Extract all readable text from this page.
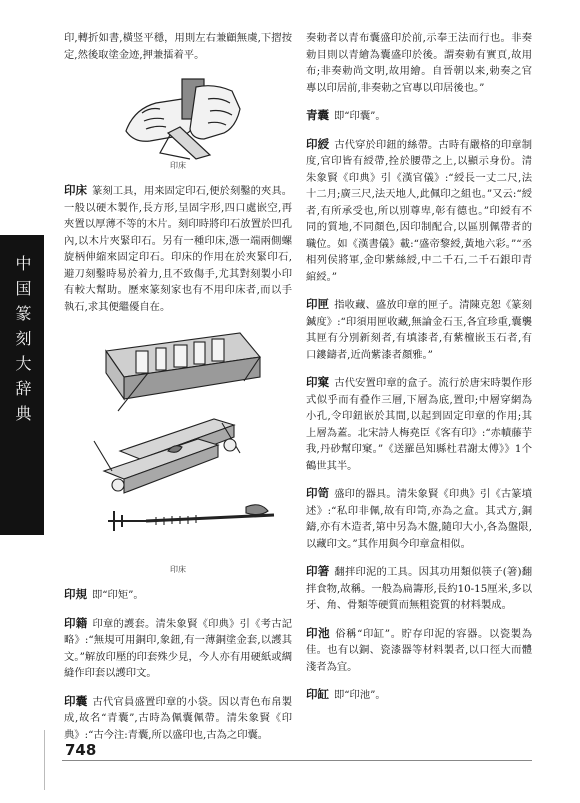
中国篆刻大辞典

印,轉折如書,橫竖平穩，用則左右兼顧無虞,下摺按定,然後取塗金迹,押兼擂着平。

印床

印床 篆刻工具，用来固定印石,便於刻鑿的夾具。一般以硬木製作,長方形,呈固字形,四口處嵌空,再夾置以厚薄不等的木片。刻印時將印石放置於凹孔內,以木片夾緊印石。另有一種印床,憑一端兩側螺旋柄伸縮來固定印石。印床的作用在於夾緊印石,避刀刻鑿時易於着力,且不致傷手,尤其對刻製小印有較大幫助。歷來篆刻家也有不用印床者,而以手執石,求其便繼優自在。

印床

印規 即“印矩”。

印籍 印章的護套。清朱象賢《印典》引《考古記略》:“無規可用銅印,象鈕,有一薄銅塗金套,以護其文。”解放印壓的印套殊少見，今人亦有用硬紙或綢縫作印套以護印文。

印囊 古代官員盛置印章的小袋。因以青色布帛製成,故名“青囊”,古時為佩囊佩帶。清朱象賢《印典》:“古今注:青囊,所以盛印也,古為之印囊。

奏勅者以青布囊盛印於前,示奉王法而行也。非奏勅目則以青繪為囊盛印於後。謂奏勅有實頁,故用布;非奏勅尚文明,故用繪。自晉朝以来,勅奏之官專以印居前,非奏勅之官專以印居後也。”

青囊 即“印囊”。

印綬 古代穿於印鈕的絲帶。古時有嚴格的印章制度,官印皆有綬帶,拴於腰帶之上,以顯示身份。清朱象賢《印典》引《漢官儀》:“綬長一丈二尺,法十二月;廣三尺,法天地人,此佩印之組也。”又云:“綬者,有所承受也,所以別尊卑,彰有德也。”印綬有不同的質地,不同顏色,因印制配合,以區別佩帶者的職位。如《漢書儀》載:“盛帝黎綬,黃地六彩。”“丞相列侯將軍,金印紫絲綬,中二千石,二千石銀印青綰綬。”

印匣 指收藏、盛放印章的匣子。清陳克恕《篆刻鍼度》:“印須用匣收藏,無論金石玉,各宜珍重,囊襲其匣有分別新刻者,有填漆者,有紫檀嵌玉石者,有口鏤鑄者,近尚紫漆者顏雅。”

印窠 古代安置印章的盒子。流行於唐宋時製作形式似乎而有叠作三層,下層為底,置印;中層穿網為小孔,令印鈕嵌於其間,以起到固定印章的作用;其上層為蓋。北宋詩人梅堯臣《客有印》:“赤幘藤芋我,丹砂幫印窠。”《送羅邑知縣杜君謝太傅》》1个鶴世其半。

印笥 盛印的器具。清朱象賢《印典》引《古篆墳述》:“私印非佩,故有印笥,亦為之盒。其式方,銅鑄,亦有木造者,第中另為木盤,隨印大小,各為盤限,以藏印文。”其作用與今印章盒相似。

印箸 翻拌印泥的工具。因其功用類似筷子(箸)翻拌食物,故稱。一般為扁籌形,長約10-15厘米,多以牙、角、骨類等硬質而無粗瓷質的材料製成。

印池 俗稱“印缸”。貯存印泥的容器。以瓷製為佳。也有以銅、瓷漆器等材料製者,以口徑大而體淺者為宜。

印缸 即“印池”。

748
